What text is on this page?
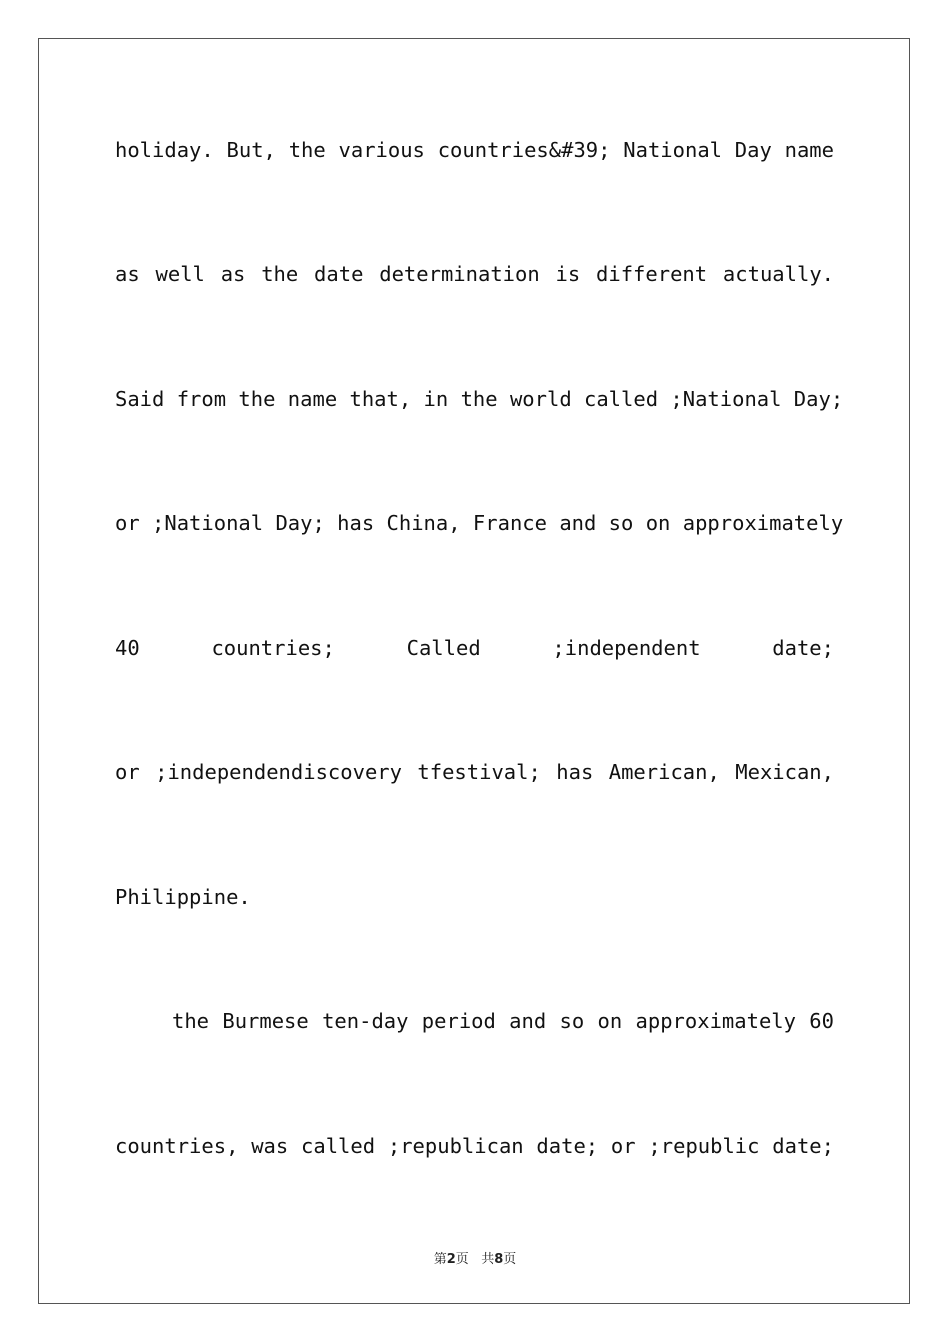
holiday. But, the various countries&#39; National Day name
as well as the date determination is different actually.
Said from the name that, in the world called ;National Day;
or ;National Day; has China, France and so on approximately
40 countries; Called ;independent date;
or ;independendiscovery tfestival; has American, Mexican,
Philippine.
the Burmese ten-day period and so on approximately 60
countries, was called ;republican date; or ;republic date;
第2页 共8页
